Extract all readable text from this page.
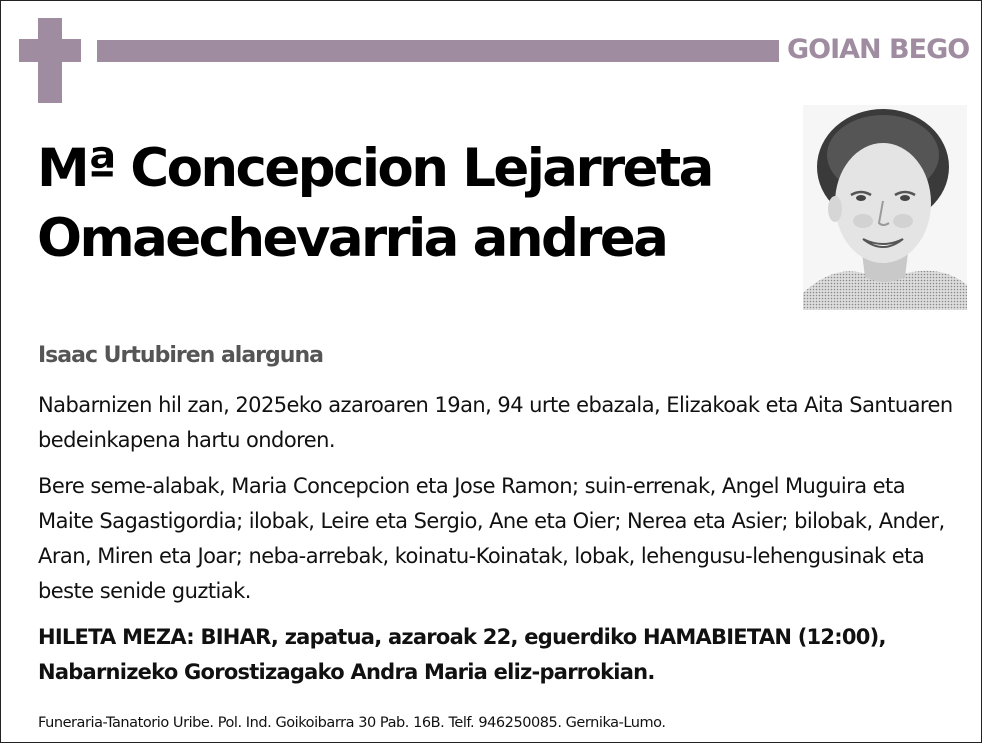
GOIAN BEGO
Mª Concepcion Lejarreta
Omaechevarria andrea
Isaac Urtubiren alarguna

Nabarnizen hil zan, 2025eko azaroaren 19an, 94 urte ebazala, Elizakoak eta Aita Santuaren bedeinkapena hartu ondoren.

Bere seme-alabak, Maria Concepcion eta Jose Ramon; suin-errenak, Angel Muguira eta Maite Sagastigordia; ilobak, Leire eta Sergio, Ane eta Oier; Nerea eta Asier; bilobak, Ander, Aran, Miren eta Joar; neba-arrebak, koinatu-Koinatak, lobak, lehengusu-lehengusinak eta beste senide guztiak.

HILETA MEZA: BIHAR, zapatua, azaroak 22, eguerdiko HAMABIETAN (12:00), Nabarnizeko Gorostizagako Andra Maria eliz-parrokian.

Funeraria-Tanatorio Uribe. Pol. Ind. Goikoibarra 30 Pab. 16B. Telf. 946250085. Gernika-Lumo.
